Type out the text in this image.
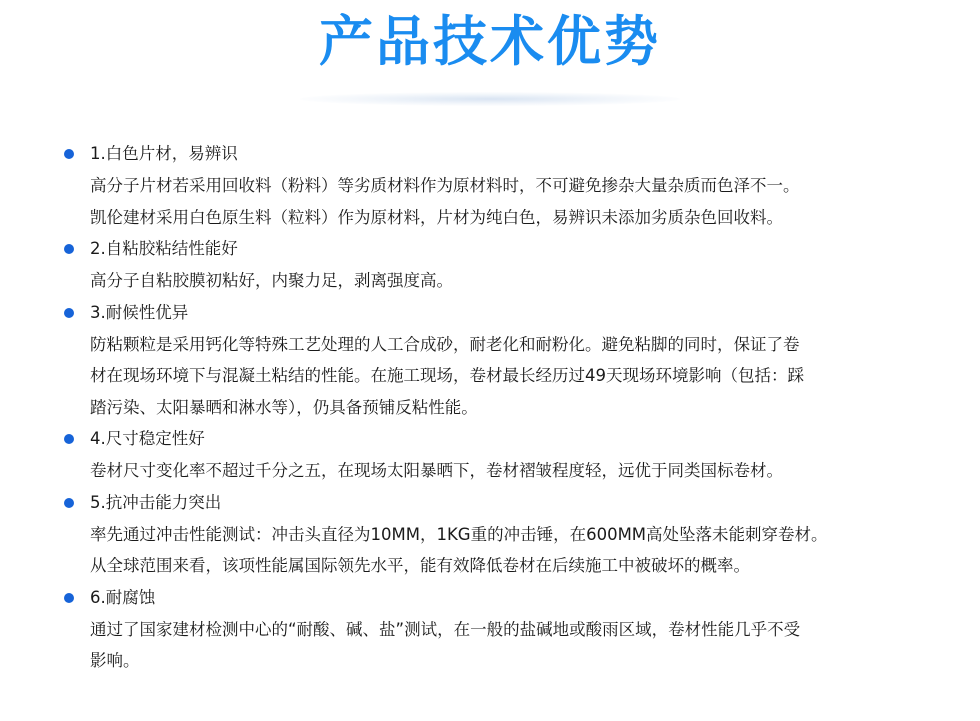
产品技术优势
1.白色片材，易辨识
高分子片材若采用回收料（粉料）等劣质材料作为原材料时，不可避免掺杂大量杂质而色泽不一。
凯伦建材采用白色原生料（粒料）作为原材料，片材为纯白色，易辨识未添加劣质杂色回收料。
2.自粘胶粘结性能好
高分子自粘胶膜初粘好，内聚力足，剥离强度高。
3.耐候性优异
防粘颗粒是采用钙化等特殊工艺处理的人工合成砂，耐老化和耐粉化。避免粘脚的同时，保证了卷
材在现场环境下与混凝土粘结的性能。在施工现场，卷材最长经历过49天现场环境影响（包括：踩
踏污染、太阳暴晒和淋水等），仍具备预铺反粘性能。
4.尺寸稳定性好
卷材尺寸变化率不超过千分之五，在现场太阳暴晒下，卷材褶皱程度轻，远优于同类国标卷材。
5.抗冲击能力突出
率先通过冲击性能测试：冲击头直径为10MM，1KG重的冲击锤，在600MM高处坠落未能刺穿卷材。
从全球范围来看，该项性能属国际领先水平，能有效降低卷材在后续施工中被破坏的概率。
6.耐腐蚀
通过了国家建材检测中心的“耐酸、碱、盐”测试，在一般的盐碱地或酸雨区域，卷材性能几乎不受
影响。
